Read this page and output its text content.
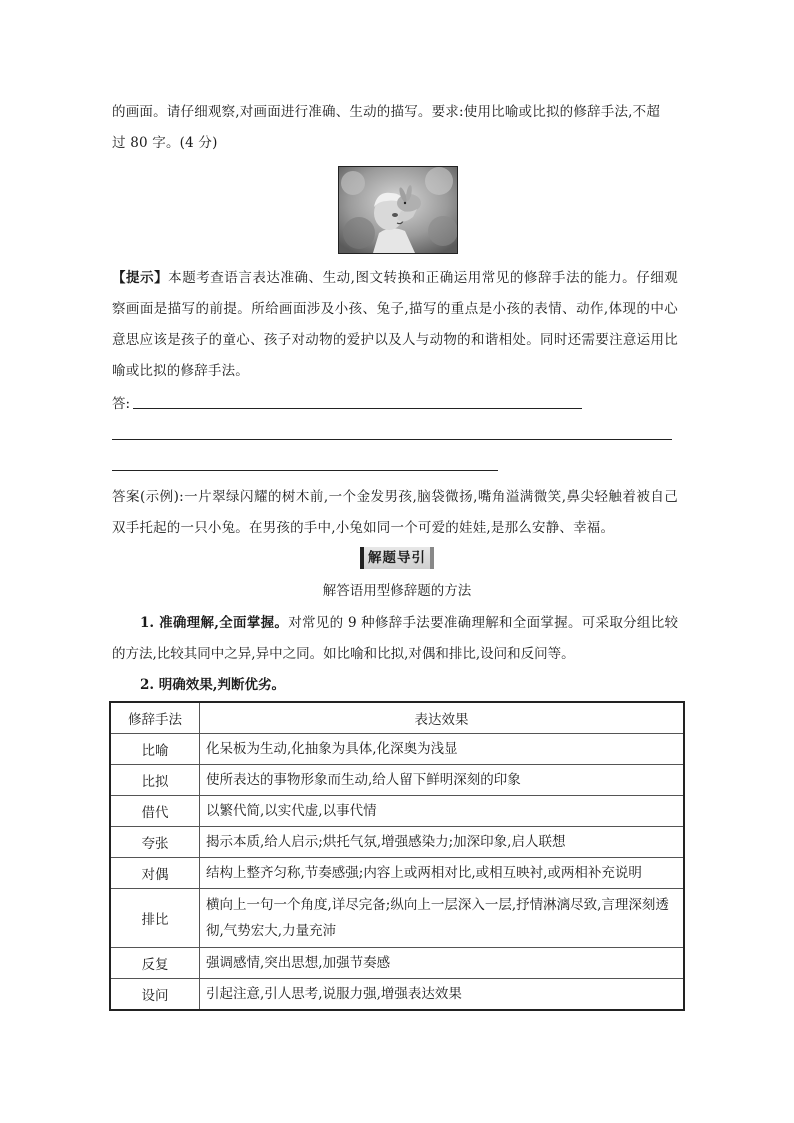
的画面。请仔细观察,对画面进行准确、生动的描写。要求:使用比喻或比拟的修辞手法,不超
过 80 字。(4 分)
【提示】本题考查语言表达准确、生动,图文转换和正确运用常见的修辞手法的能力。仔细观察画面是描写的前提。所给画面涉及小孩、兔子,描写的重点是小孩的表情、动作,体现的中心意思应该是孩子的童心、孩子对动物的爱护以及人与动物的和谐相处。同时还需要注意运用比喻或比拟的修辞手法。
答:
答案(示例):一片翠绿闪耀的树木前,一个金发男孩,脑袋微扬,嘴角溢满微笑,鼻尖轻触着被自己双手托起的一只小兔。在男孩的手中,小兔如同一个可爱的娃娃,是那么安静、幸福。
解题导引
解答语用型修辞题的方法
1. 准确理解,全面掌握。对常见的 9 种修辞手法要准确理解和全面掌握。可采取分组比较的方法,比较其同中之异,异中之同。如比喻和比拟,对偶和排比,设问和反问等。
2. 明确效果,判断优劣。
修辞手法	表达效果
比喻	化呆板为生动,化抽象为具体,化深奥为浅显
比拟	使所表达的事物形象而生动,给人留下鲜明深刻的印象
借代	以繁代简,以实代虚,以事代情
夸张	揭示本质,给人启示;烘托气氛,增强感染力;加深印象,启人联想
对偶	结构上整齐匀称,节奏感强;内容上或两相对比,或相互映衬,或两相补充说明
排比	横向上一句一个角度,详尽完备;纵向上一层深入一层,抒情淋漓尽致,言理深刻透彻,气势宏大,力量充沛
反复	强调感情,突出思想,加强节奏感
设问	引起注意,引人思考,说服力强,增强表达效果
